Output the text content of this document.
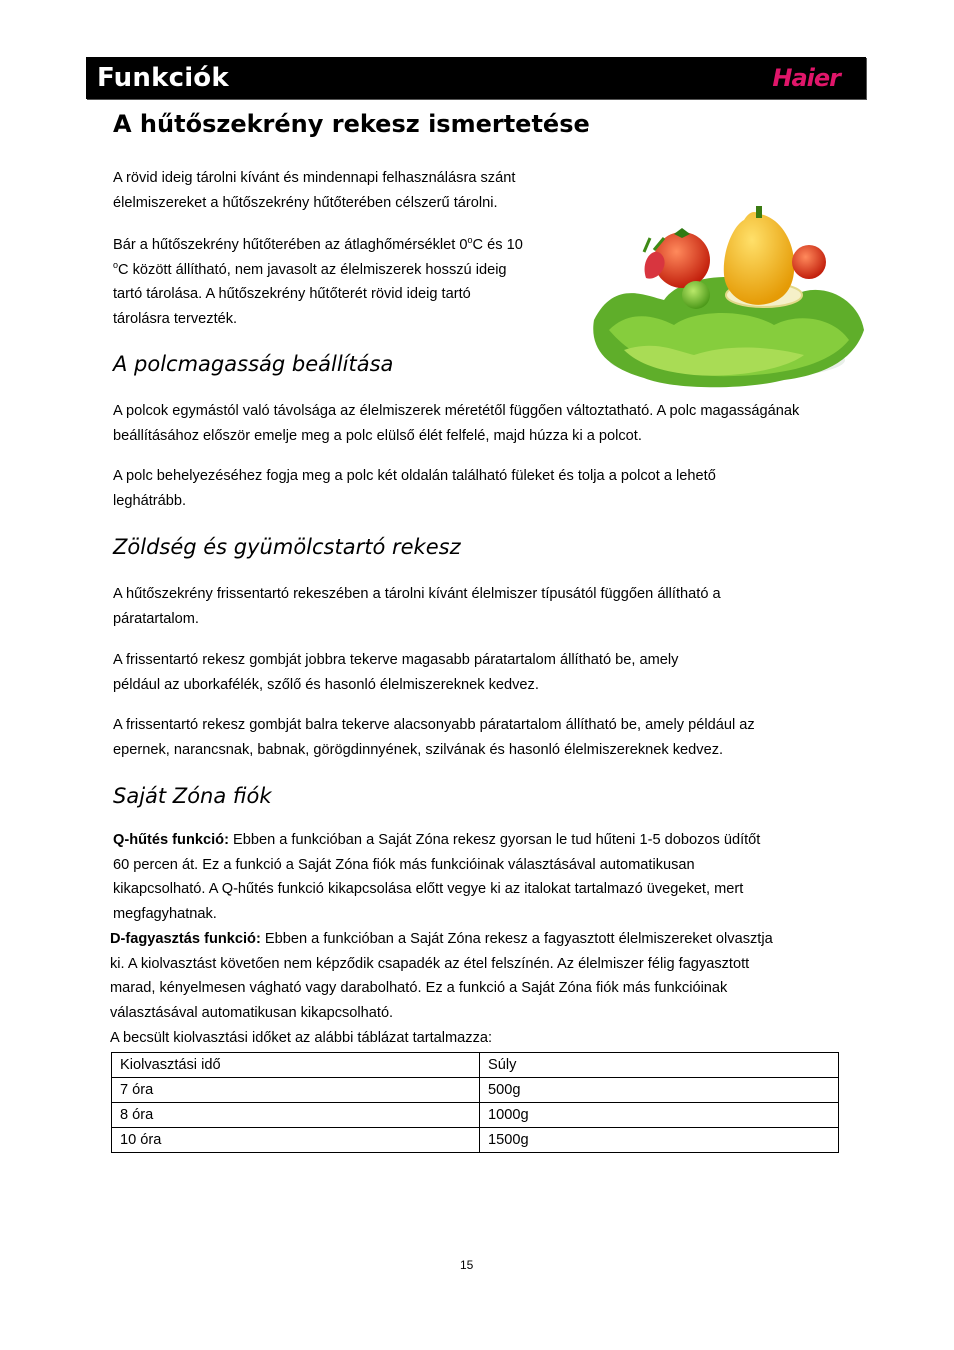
Funkciók	Haier
A hűtőszekrény rekesz ismertetése

A rövid ideig tárolni kívánt és mindennapi felhasználásra szánt
élelmiszereket a hűtőszekrény hűtőterében célszerű tárolni.

Bár a hűtőszekrény hűtőterében az átlaghőmérséklet 0$^o$C és 10
$^o$C között állítható, nem javasolt az élelmiszerek hosszú ideig
tartó tárolása. A hűtőszekrény hűtőterét rövid ideig tartó
tárolásra tervezték.

A polcmagasság beállítása

A polcok egymástól való távolsága az élelmiszerek méretétől függően változtatható. A polc magasságának
beállításához először emelje meg a polc elülső élét felfelé, majd húzza ki a polcot.

A polc behelyezéséhez fogja meg a polc két oldalán található füleket és tolja a polcot a lehető
leghátrább.

Zöldség és gyümölcstartó rekesz

A hűtőszekrény frissentartó rekeszében a tárolni kívánt élelmiszer típusától függően állítható a
páratartalom.

A frissentartó rekesz gombját jobbra tekerve magasabb páratartalom állítható be, amely
például az uborkafélék, szőlő és hasonló élelmiszereknek kedvez.

A frissentartó rekesz gombját balra tekerve alacsonyabb páratartalom állítható be, amely például az
epernek, narancsnak, babnak, görögdinnyének, szilvának és hasonló élelmiszereknek kedvez.

Saját Zóna fiók

Q-hűtés funkció: Ebben a funkcióban a Saját Zóna rekesz gyorsan le tud hűteni 1-5 dobozos üdítőt
60 percen át. Ez a funkció a Saját Zóna fiók más funkcióinak választásával automatikusan
kikapcsolható. A Q-hűtés funkció kikapcsolása előtt vegye ki az italokat tartalmazó üvegeket, mert
megfagyhatnak.

D-fagyasztás funkció: Ebben a funkcióban a Saját Zóna rekesz a fagyasztott élelmiszereket olvasztja
ki. A kiolvasztást követően nem képződik csapadék az étel felszínén. Az élelmiszer félig fagyasztott
marad, kényelmesen vágható vagy darabolható. Ez a funkció a Saját Zóna fiók más funkcióinak
választásával automatikusan kikapcsolható.

A becsült kiolvasztási időket az alábbi táblázat tartalmazza:

Kiolvasztási idő	Súly
7 óra	500g
8 óra	1000g
10 óra	1500g
15
